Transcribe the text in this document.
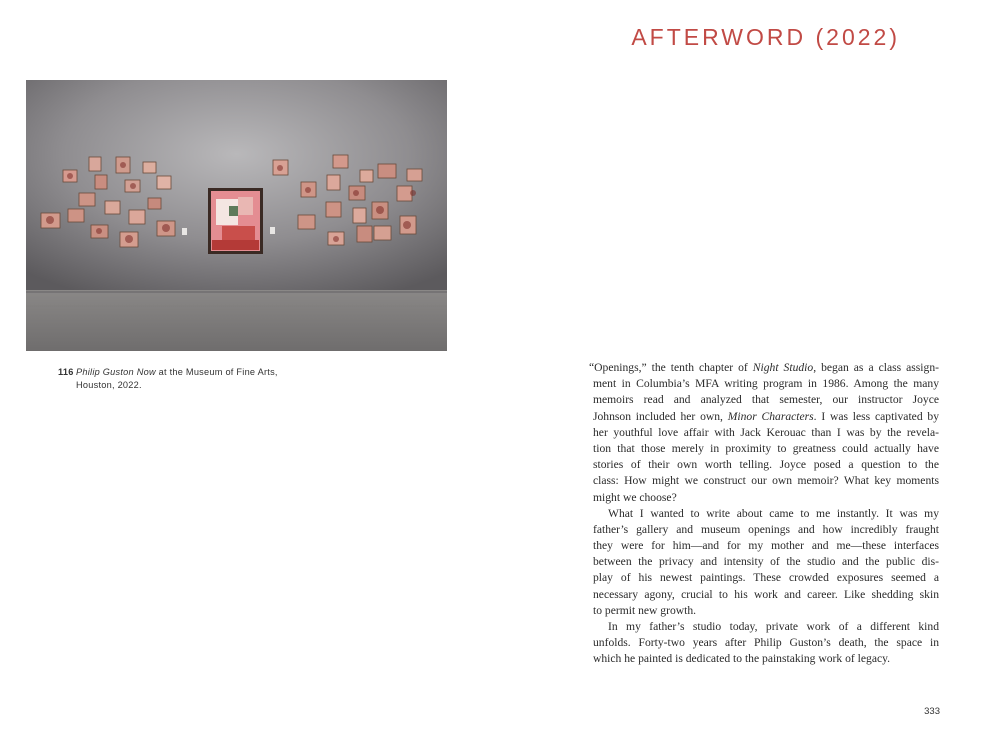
116 Philip Guston Now at the Museum of Fine Arts,
Houston, 2022.
AFTERWORD (2022)
“Openings,” the tenth chapter of Night Studio, began as a class assign-
ment in Columbia’s MFA writing program in 1986. Among the many
memoirs read and analyzed that semester, our instructor Joyce
Johnson included her own, Minor Characters. I was less captivated by
her youthful love affair with Jack Kerouac than I was by the revela-
tion that those merely in proximity to greatness could actually have
stories of their own worth telling. Joyce posed a question to the
class: How might we construct our own memoir? What key moments
might we choose?
What I wanted to write about came to me instantly. It was my
father’s gallery and museum openings and how incredibly fraught
they were for him—and for my mother and me—these interfaces
between the privacy and intensity of the studio and the public dis-
play of his newest paintings. These crowded exposures seemed a
necessary agony, crucial to his work and career. Like shedding skin
to permit new growth.
In my father’s studio today, private work of a different kind
unfolds. Forty-two years after Philip Guston’s death, the space in
which he painted is dedicated to the painstaking work of legacy.
333
